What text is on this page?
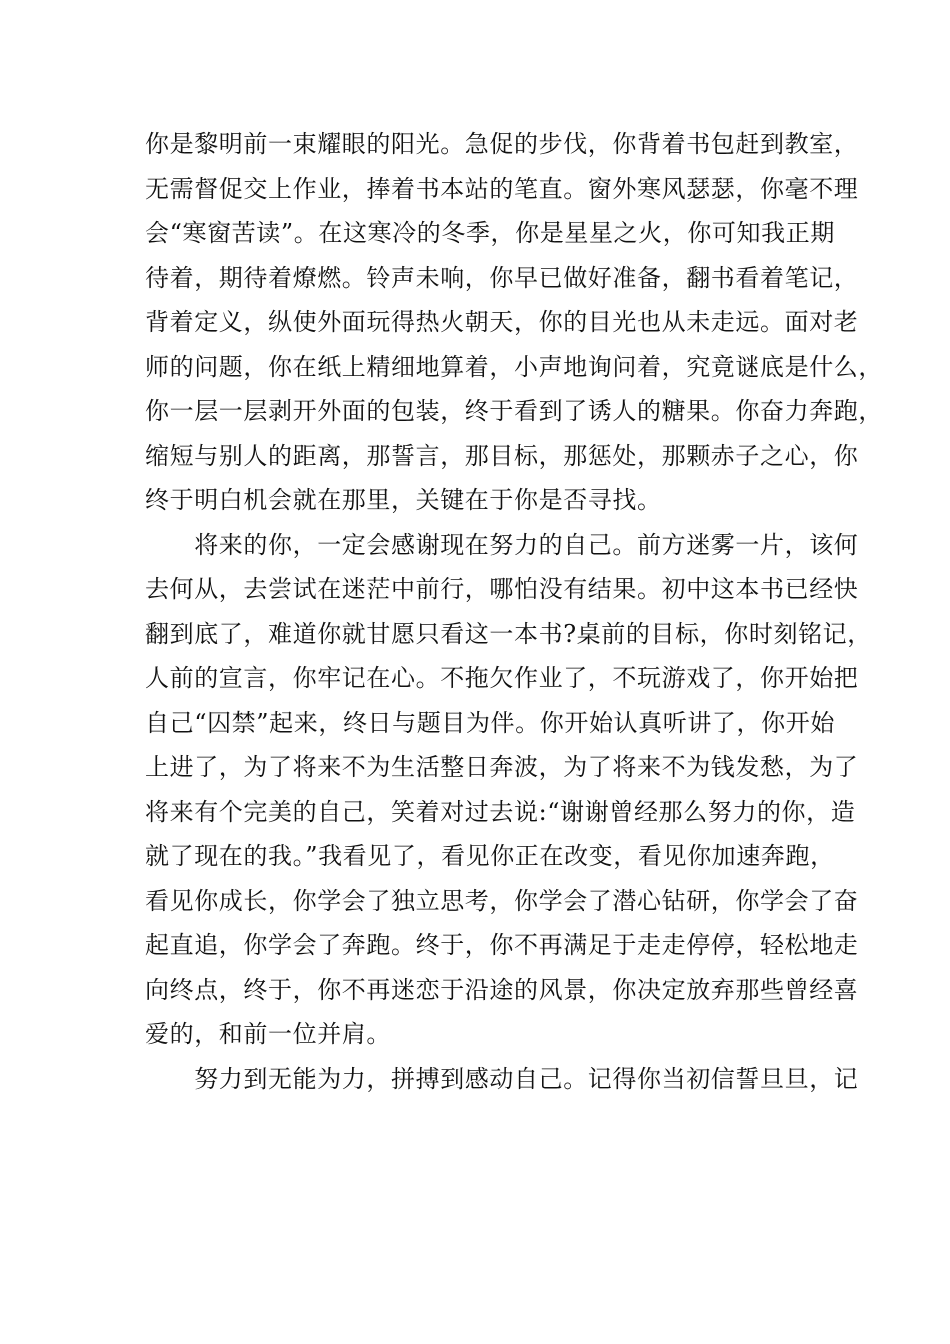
你是黎明前一束耀眼的阳光。急促的步伐，你背着书包赶到教室，
无需督促交上作业，捧着书本站的笔直。窗外寒风瑟瑟，你毫不理
会“寒窗苦读”。在这寒冷的冬季，你是星星之火，你可知我正期
待着，期待着燎燃。铃声未响，你早已做好准备，翻书看着笔记，
背着定义，纵使外面玩得热火朝天，你的目光也从未走远。面对老
师的问题，你在纸上精细地算着，小声地询问着，究竟谜底是什么，
你一层一层剥开外面的包装，终于看到了诱人的糖果。你奋力奔跑，
缩短与别人的距离，那誓言，那目标，那惩处，那颗赤子之心，你
终于明白机会就在那里，关键在于你是否寻找。
　　将来的你，一定会感谢现在努力的自己。前方迷雾一片，该何
去何从，去尝试在迷茫中前行，哪怕没有结果。初中这本书已经快
翻到底了，难道你就甘愿只看这一本书?桌前的目标，你时刻铭记，
人前的宣言，你牢记在心。不拖欠作业了，不玩游戏了，你开始把
自己“囚禁”起来，终日与题目为伴。你开始认真听讲了，你开始
上进了，为了将来不为生活整日奔波，为了将来不为钱发愁，为了
将来有个完美的自己，笑着对过去说:“谢谢曾经那么努力的你，造
就了现在的我。”我看见了，看见你正在改变，看见你加速奔跑，
看见你成长，你学会了独立思考，你学会了潜心钻研，你学会了奋
起直追，你学会了奔跑。终于，你不再满足于走走停停，轻松地走
向终点，终于，你不再迷恋于沿途的风景，你决定放弃那些曾经喜
爱的，和前一位并肩。
　　努力到无能为力，拼搏到感动自己。记得你当初信誓旦旦，记
